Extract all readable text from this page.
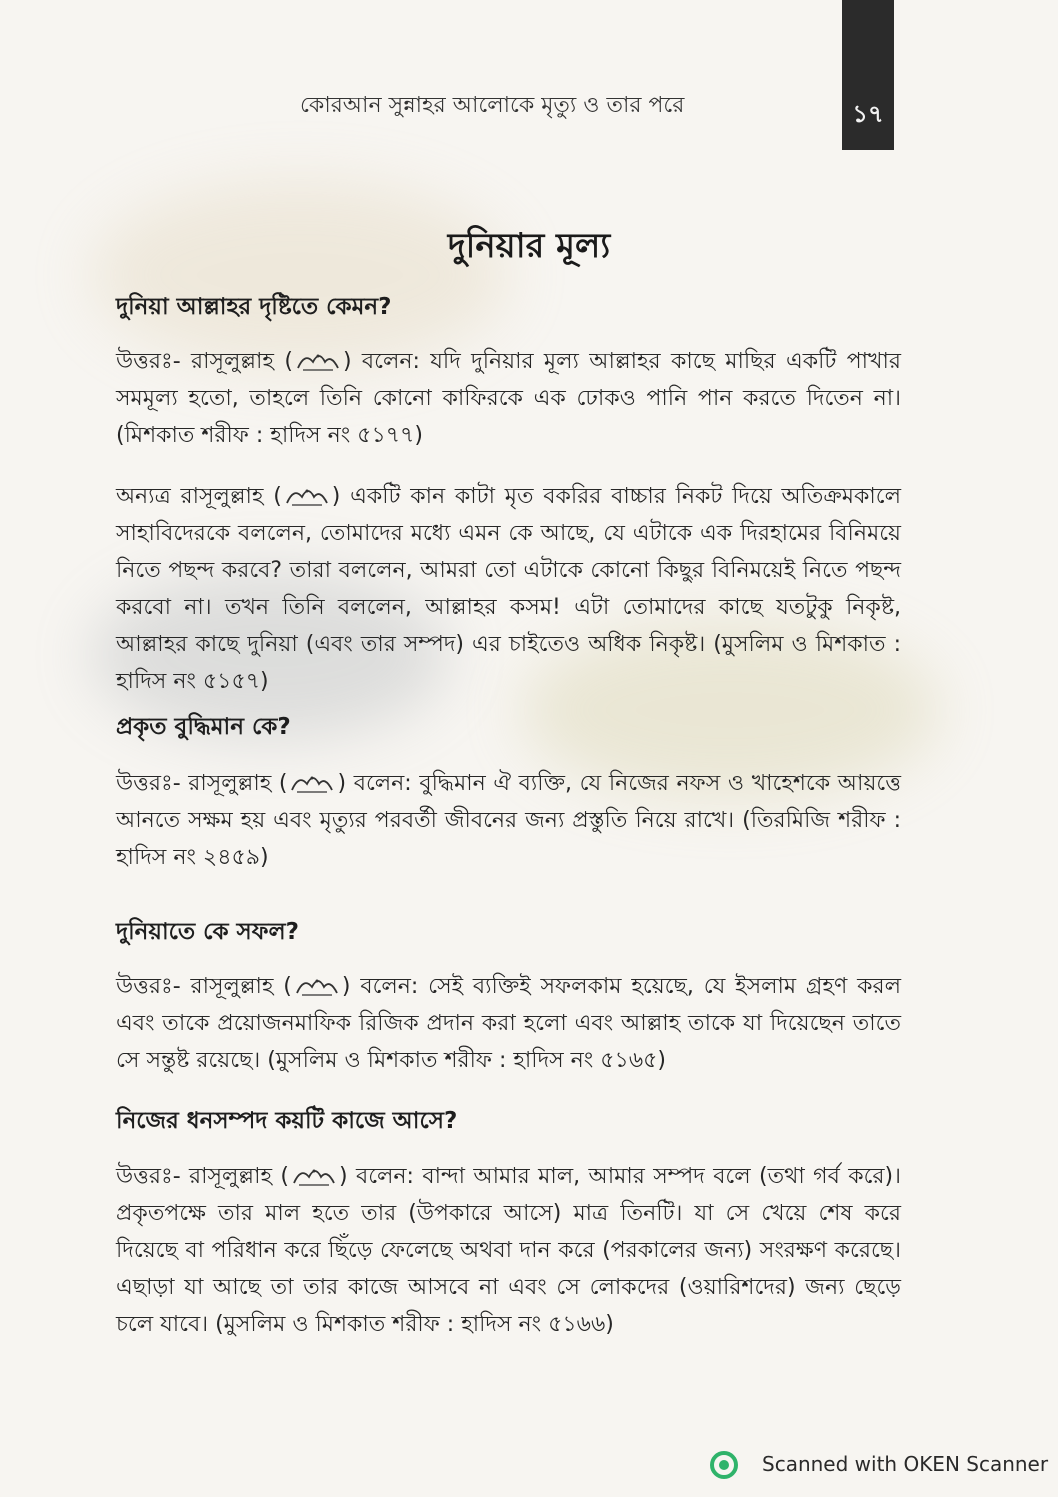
কোরআন সুন্নাহর আলোকে মৃত্যু ও তার পরে	১৭
দুনিয়ার মূল্য
দুনিয়া আল্লাহর দৃষ্টিতে কেমন?

উত্তরঃ- রাসূলুল্লাহ ( ) বলেন: যদি দুনিয়ার মূল্য আল্লাহর কাছে মাছির একটি পাখার সমমূল্য হতো, তাহলে তিনি কোনো কাফিরকে এক ঢোকও পানি পান করতে দিতেন না। (মিশকাত শরীফ : হাদিস নং ৫১৭৭)

অন্যত্র রাসূলুল্লাহ ( ) একটি কান কাটা মৃত বকরির বাচ্চার নিকট দিয়ে অতিক্রমকালে সাহাবিদেরকে বললেন, তোমাদের মধ্যে এমন কে আছে, যে এটাকে এক দিরহামের বিনিময়ে নিতে পছন্দ করবে? তারা বললেন, আমরা তো এটাকে কোনো কিছুর বিনিময়েই নিতে পছন্দ করবো না। তখন তিনি বললেন, আল্লাহর কসম! এটা তোমাদের কাছে যতটুকু নিকৃষ্ট, আল্লাহর কাছে দুনিয়া (এবং তার সম্পদ) এর চাইতেও অধিক নিকৃষ্ট। (মুসলিম ও মিশকাত : হাদিস নং ৫১৫৭)

প্রকৃত বুদ্ধিমান কে?

উত্তরঃ- রাসূলুল্লাহ ( ) বলেন: বুদ্ধিমান ঐ ব্যক্তি, যে নিজের নফস ও খাহেশকে আয়ত্তে আনতে সক্ষম হয় এবং মৃত্যুর পরবর্তী জীবনের জন্য প্রস্তুতি নিয়ে রাখে। (তিরমিজি শরীফ : হাদিস নং ২৪৫৯)

দুনিয়াতে কে সফল?

উত্তরঃ- রাসূলুল্লাহ ( ) বলেন: সেই ব্যক্তিই সফলকাম হয়েছে, যে ইসলাম গ্রহণ করল এবং তাকে প্রয়োজনমাফিক রিজিক প্রদান করা হলো এবং আল্লাহ তাকে যা দিয়েছেন তাতে সে সন্তুষ্ট রয়েছে। (মুসলিম ও মিশকাত শরীফ : হাদিস নং ৫১৬৫)

নিজের ধনসম্পদ কয়টি কাজে আসে?

উত্তরঃ- রাসূলুল্লাহ ( ) বলেন: বান্দা আমার মাল, আমার সম্পদ বলে (তথা গর্ব করে)। প্রকৃতপক্ষে তার মাল হতে তার (উপকারে আসে) মাত্র তিনটি। যা সে খেয়ে শেষ করে দিয়েছে বা পরিধান করে ছিঁড়ে ফেলেছে অথবা দান করে (পরকালের জন্য) সংরক্ষণ করেছে। এছাড়া যা আছে তা তার কাজে আসবে না এবং সে লোকদের (ওয়ারিশদের) জন্য ছেড়ে চলে যাবে। (মুসলিম ও মিশকাত শরীফ : হাদিস নং ৫১৬৬)

Scanned with OKEN Scanner
